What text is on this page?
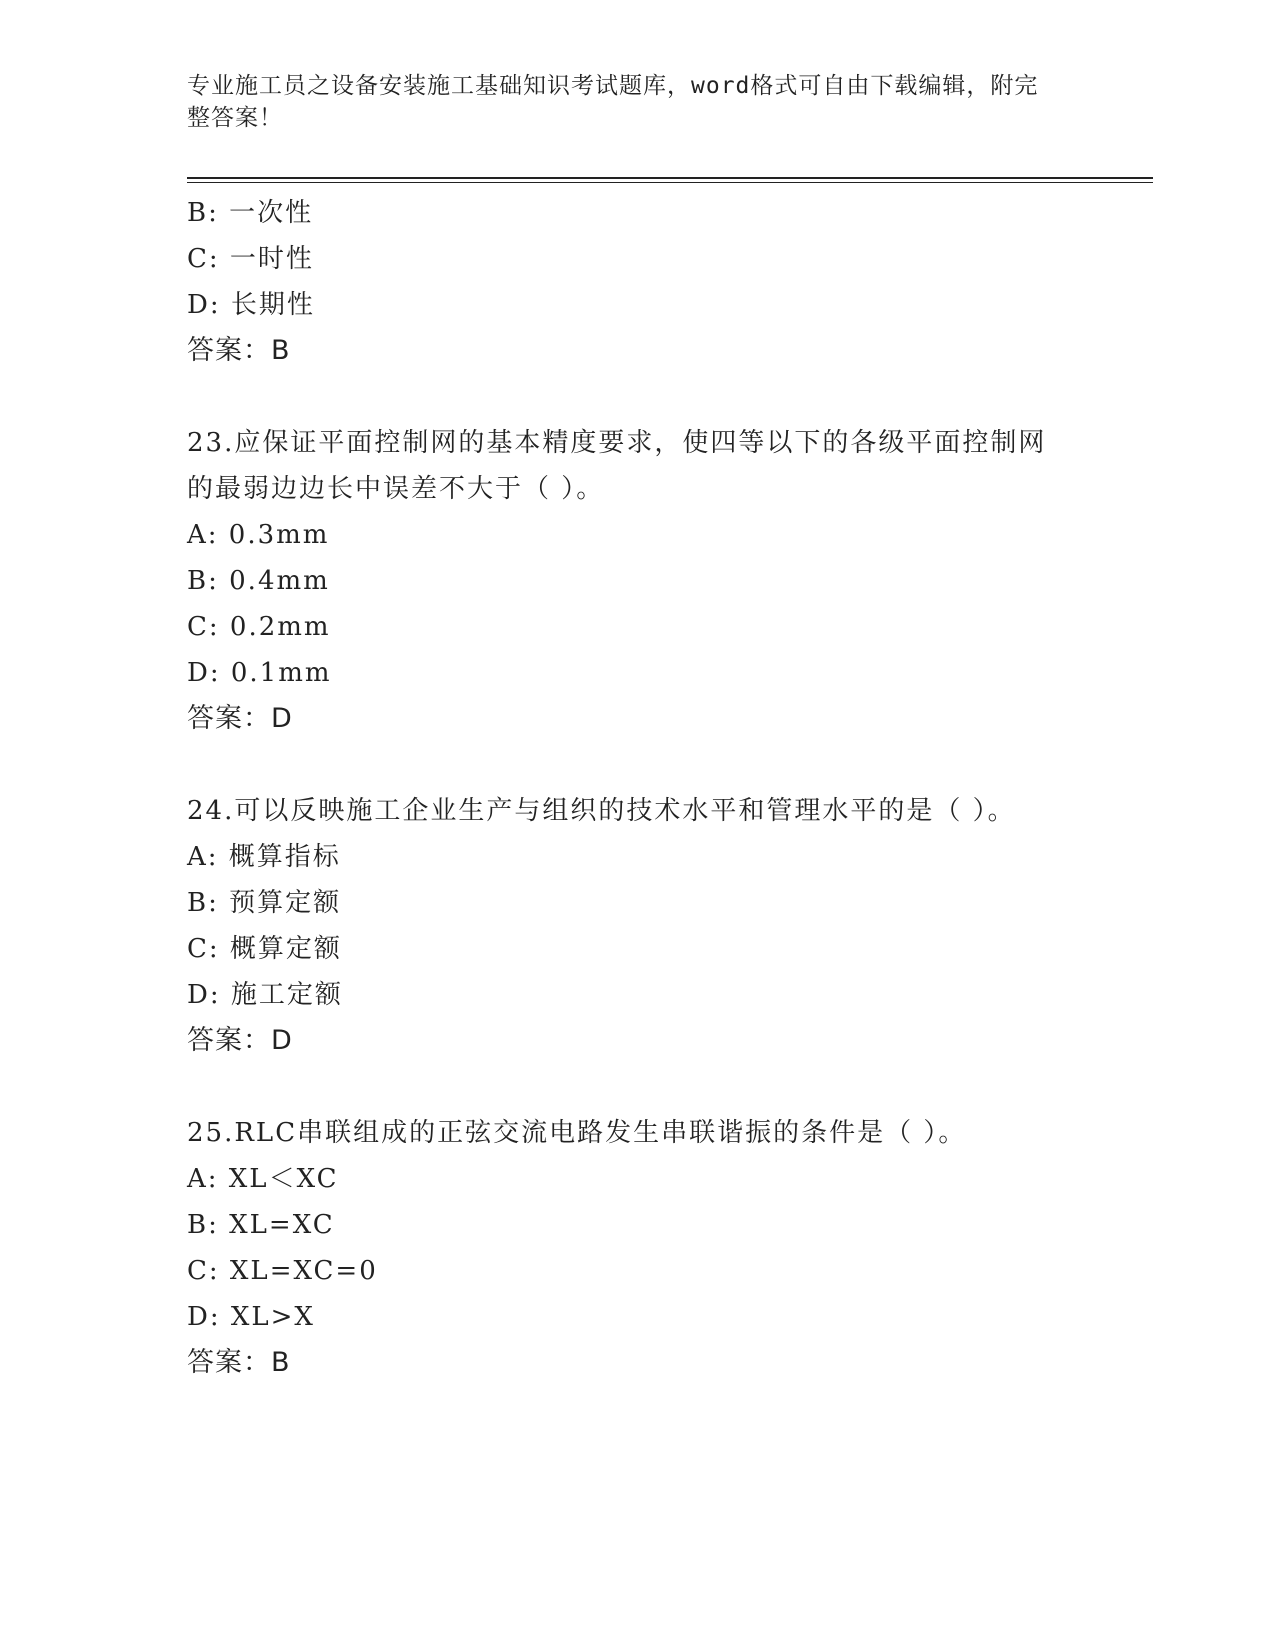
专业施工员之设备安装施工基础知识考试题库，word格式可自由下载编辑，附完
整答案！
B: 一次性
C: 一时性
D: 长期性
答案：B
23.应保证平面控制网的基本精度要求，使四等以下的各级平面控制网
的最弱边边长中误差不大于（ ）。
A: 0.3mm
B: 0.4mm
C: 0.2mm
D: 0.1mm
答案：D
24.可以反映施工企业生产与组织的技术水平和管理水平的是（ ）。
A: 概算指标
B: 预算定额
C: 概算定额
D: 施工定额
答案：D
25.RLC串联组成的正弦交流电路发生串联谐振的条件是（ ）。
A: XL＜XC
B: XL=XC
C: XL=XC=0
D: XL>X
答案：B
